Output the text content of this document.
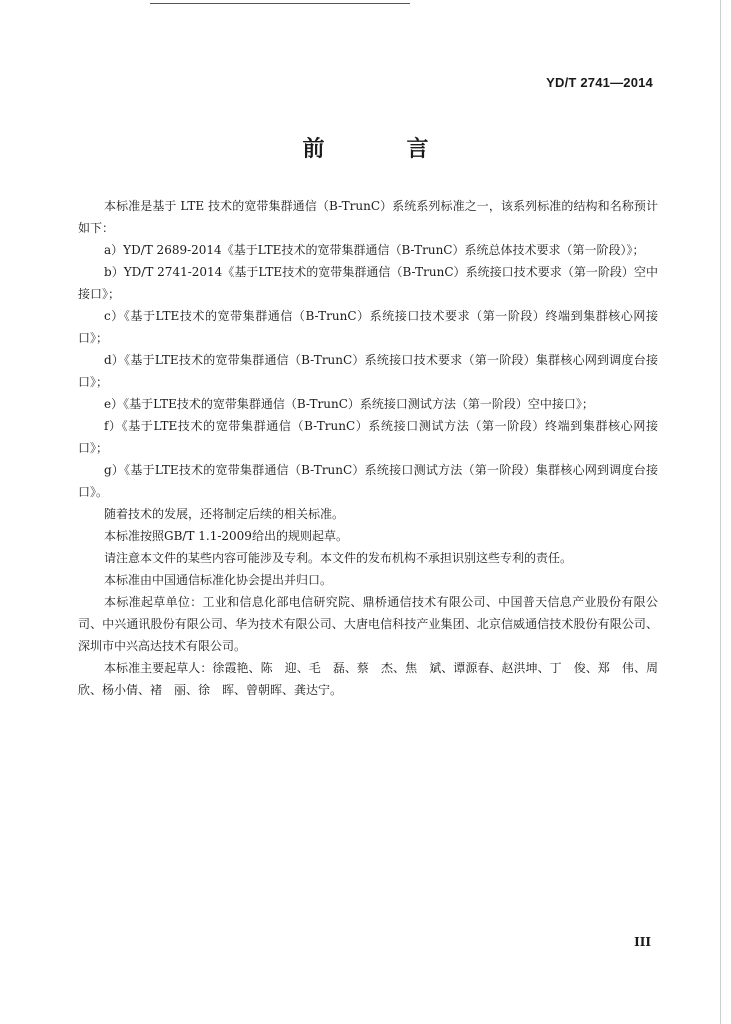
YD/T 2741—2014
前　言

本标准是基于 LTE 技术的宽带集群通信（B-TrunC）系统系列标准之一，该系列标准的结构和名称预计如下：

a）YD/T 2689-2014《基于LTE技术的宽带集群通信（B-TrunC）系统总体技术要求（第一阶段）》；

b）YD/T 2741-2014《基于LTE技术的宽带集群通信（B-TrunC）系统接口技术要求（第一阶段）空中接口》；

c）《基于LTE技术的宽带集群通信（B-TrunC）系统接口技术要求（第一阶段）终端到集群核心网接口》；

d）《基于LTE技术的宽带集群通信（B-TrunC）系统接口技术要求（第一阶段）集群核心网到调度台接口》；

e）《基于LTE技术的宽带集群通信（B-TrunC）系统接口测试方法（第一阶段）空中接口》；

f）《基于LTE技术的宽带集群通信（B-TrunC）系统接口测试方法（第一阶段）终端到集群核心网接口》；

g）《基于LTE技术的宽带集群通信（B-TrunC）系统接口测试方法（第一阶段）集群核心网到调度台接口》。

随着技术的发展，还将制定后续的相关标准。

本标准按照GB/T 1.1-2009给出的规则起草。

请注意本文件的某些内容可能涉及专利。本文件的发布机构不承担识别这些专利的责任。

本标准由中国通信标准化协会提出并归口。

本标准起草单位：工业和信息化部电信研究院、鼎桥通信技术有限公司、中国普天信息产业股份有限公司、中兴通讯股份有限公司、华为技术有限公司、大唐电信科技产业集团、北京信威通信技术股份有限公司、深圳市中兴高达技术有限公司。

本标准主要起草人：徐霞艳、陈　迎、毛　磊、蔡　杰、焦　斌、谭源春、赵洪坤、丁　俊、郑　伟、周　欣、杨小倩、褚　丽、徐　晖、曾朝晖、龚达宁。

III
